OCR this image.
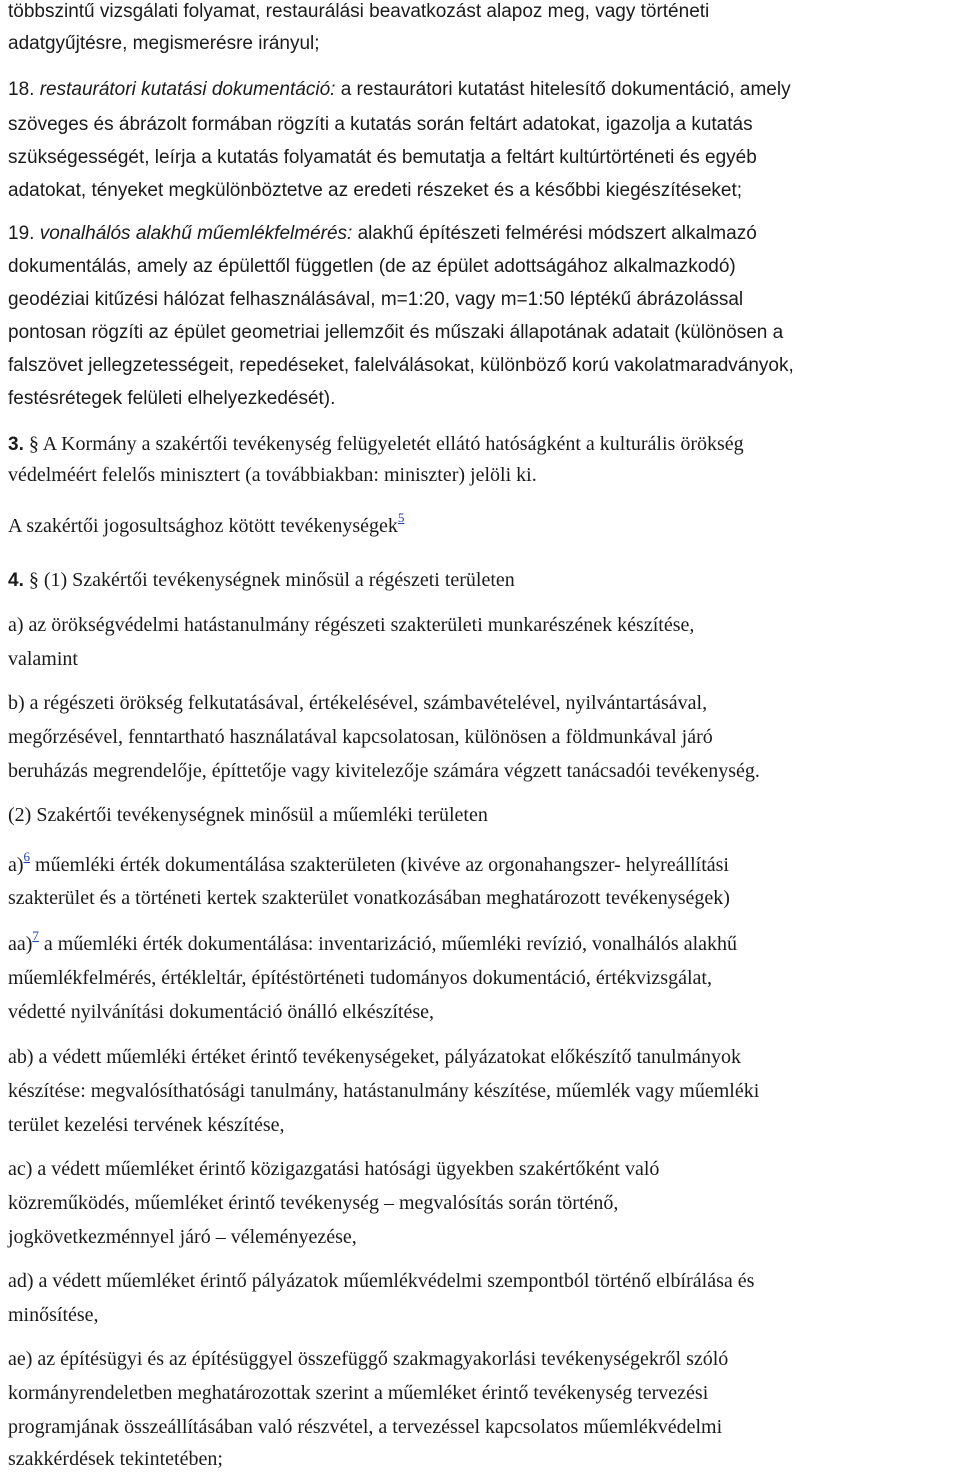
többszintű vizsgálati folyamat, restaurálási beavatkozást alapoz meg, vagy történeti
adatgyűjtésre, megismerésre irányul;
18. restaurátori kutatási dokumentáció: a restaurátori kutatást hitelesítő dokumentáció, amely
szöveges és ábrázolt formában rögzíti a kutatás során feltárt adatokat, igazolja a kutatás
szükségességét, leírja a kutatás folyamatát és bemutatja a feltárt kultúrtörténeti és egyéb
adatokat, tényeket megkülönböztetve az eredeti részeket és a későbbi kiegészítéseket;
19. vonalhálós alakhű műemlékfelmérés: alakhű építészeti felmérési módszert alkalmazó
dokumentálás, amely az épülettől független (de az épület adottságához alkalmazkodó)
geodéziai kitűzési hálózat felhasználásával, m=1:20, vagy m=1:50 léptékű ábrázolással
pontosan rögzíti az épület geometriai jellemzőit és műszaki állapotának adatait (különösen a
falszövet jellegzetességeit, repedéseket, falelválásokat, különböző korú vakolatmaradványok,
festésrétegek felületi elhelyezkedését).
3. § A Kormány a szakértői tevékenység felügyeletét ellátó hatóságként a kulturális örökség
védelméért felelős minisztert (a továbbiakban: miniszter) jelöli ki.
A szakértői jogosultsághoz kötött tevékenységek$^5$
4. § (1) Szakértői tevékenységnek minősül a régészeti területen
a) az örökségvédelmi hatástanulmány régészeti szakterületi munkarészének készítése,
valamint
b) a régészeti örökség felkutatásával, értékelésével, számbavételével, nyilvántartásával,
megőrzésével, fenntartható használatával kapcsolatosan, különösen a földmunkával járó
beruházás megrendelője, építtetője vagy kivitelezője számára végzett tanácsadói tevékenység.
(2) Szakértői tevékenységnek minősül a műemléki területen
a)$^6$ műemléki érték dokumentálása szakterületen (kivéve az orgonahangszer- helyreállítási
szakterület és a történeti kertek szakterület vonatkozásában meghatározott tevékenységek)
aa)$^7$ a műemléki érték dokumentálása: inventarizáció, műemléki revízió, vonalhálós alakhű
műemlékfelmérés, értékleltár, építéstörténeti tudományos dokumentáció, értékvizsgálat,
védetté nyilvánítási dokumentáció önálló elkészítése,
ab) a védett műemléki értéket érintő tevékenységeket, pályázatokat előkészítő tanulmányok
készítése: megvalósíthatósági tanulmány, hatástanulmány készítése, műemlék vagy műemléki
terület kezelési tervének készítése,
ac) a védett műemléket érintő közigazgatási hatósági ügyekben szakértőként való
közreműködés, műemléket érintő tevékenység – megvalósítás során történő,
jogkövetkezménnyel járó – véleményezése,
ad) a védett műemléket érintő pályázatok műemlékvédelmi szempontból történő elbírálása és
minősítése,
ae) az építésügyi és az építésüggyel összefüggő szakmagyakorlási tevékenységekről szóló
kormányrendeletben meghatározottak szerint a műemléket érintő tevékenység tervezési
programjának összeállításában való részvétel, a tervezéssel kapcsolatos műemlékvédelmi
szakkérdések tekintetében;
